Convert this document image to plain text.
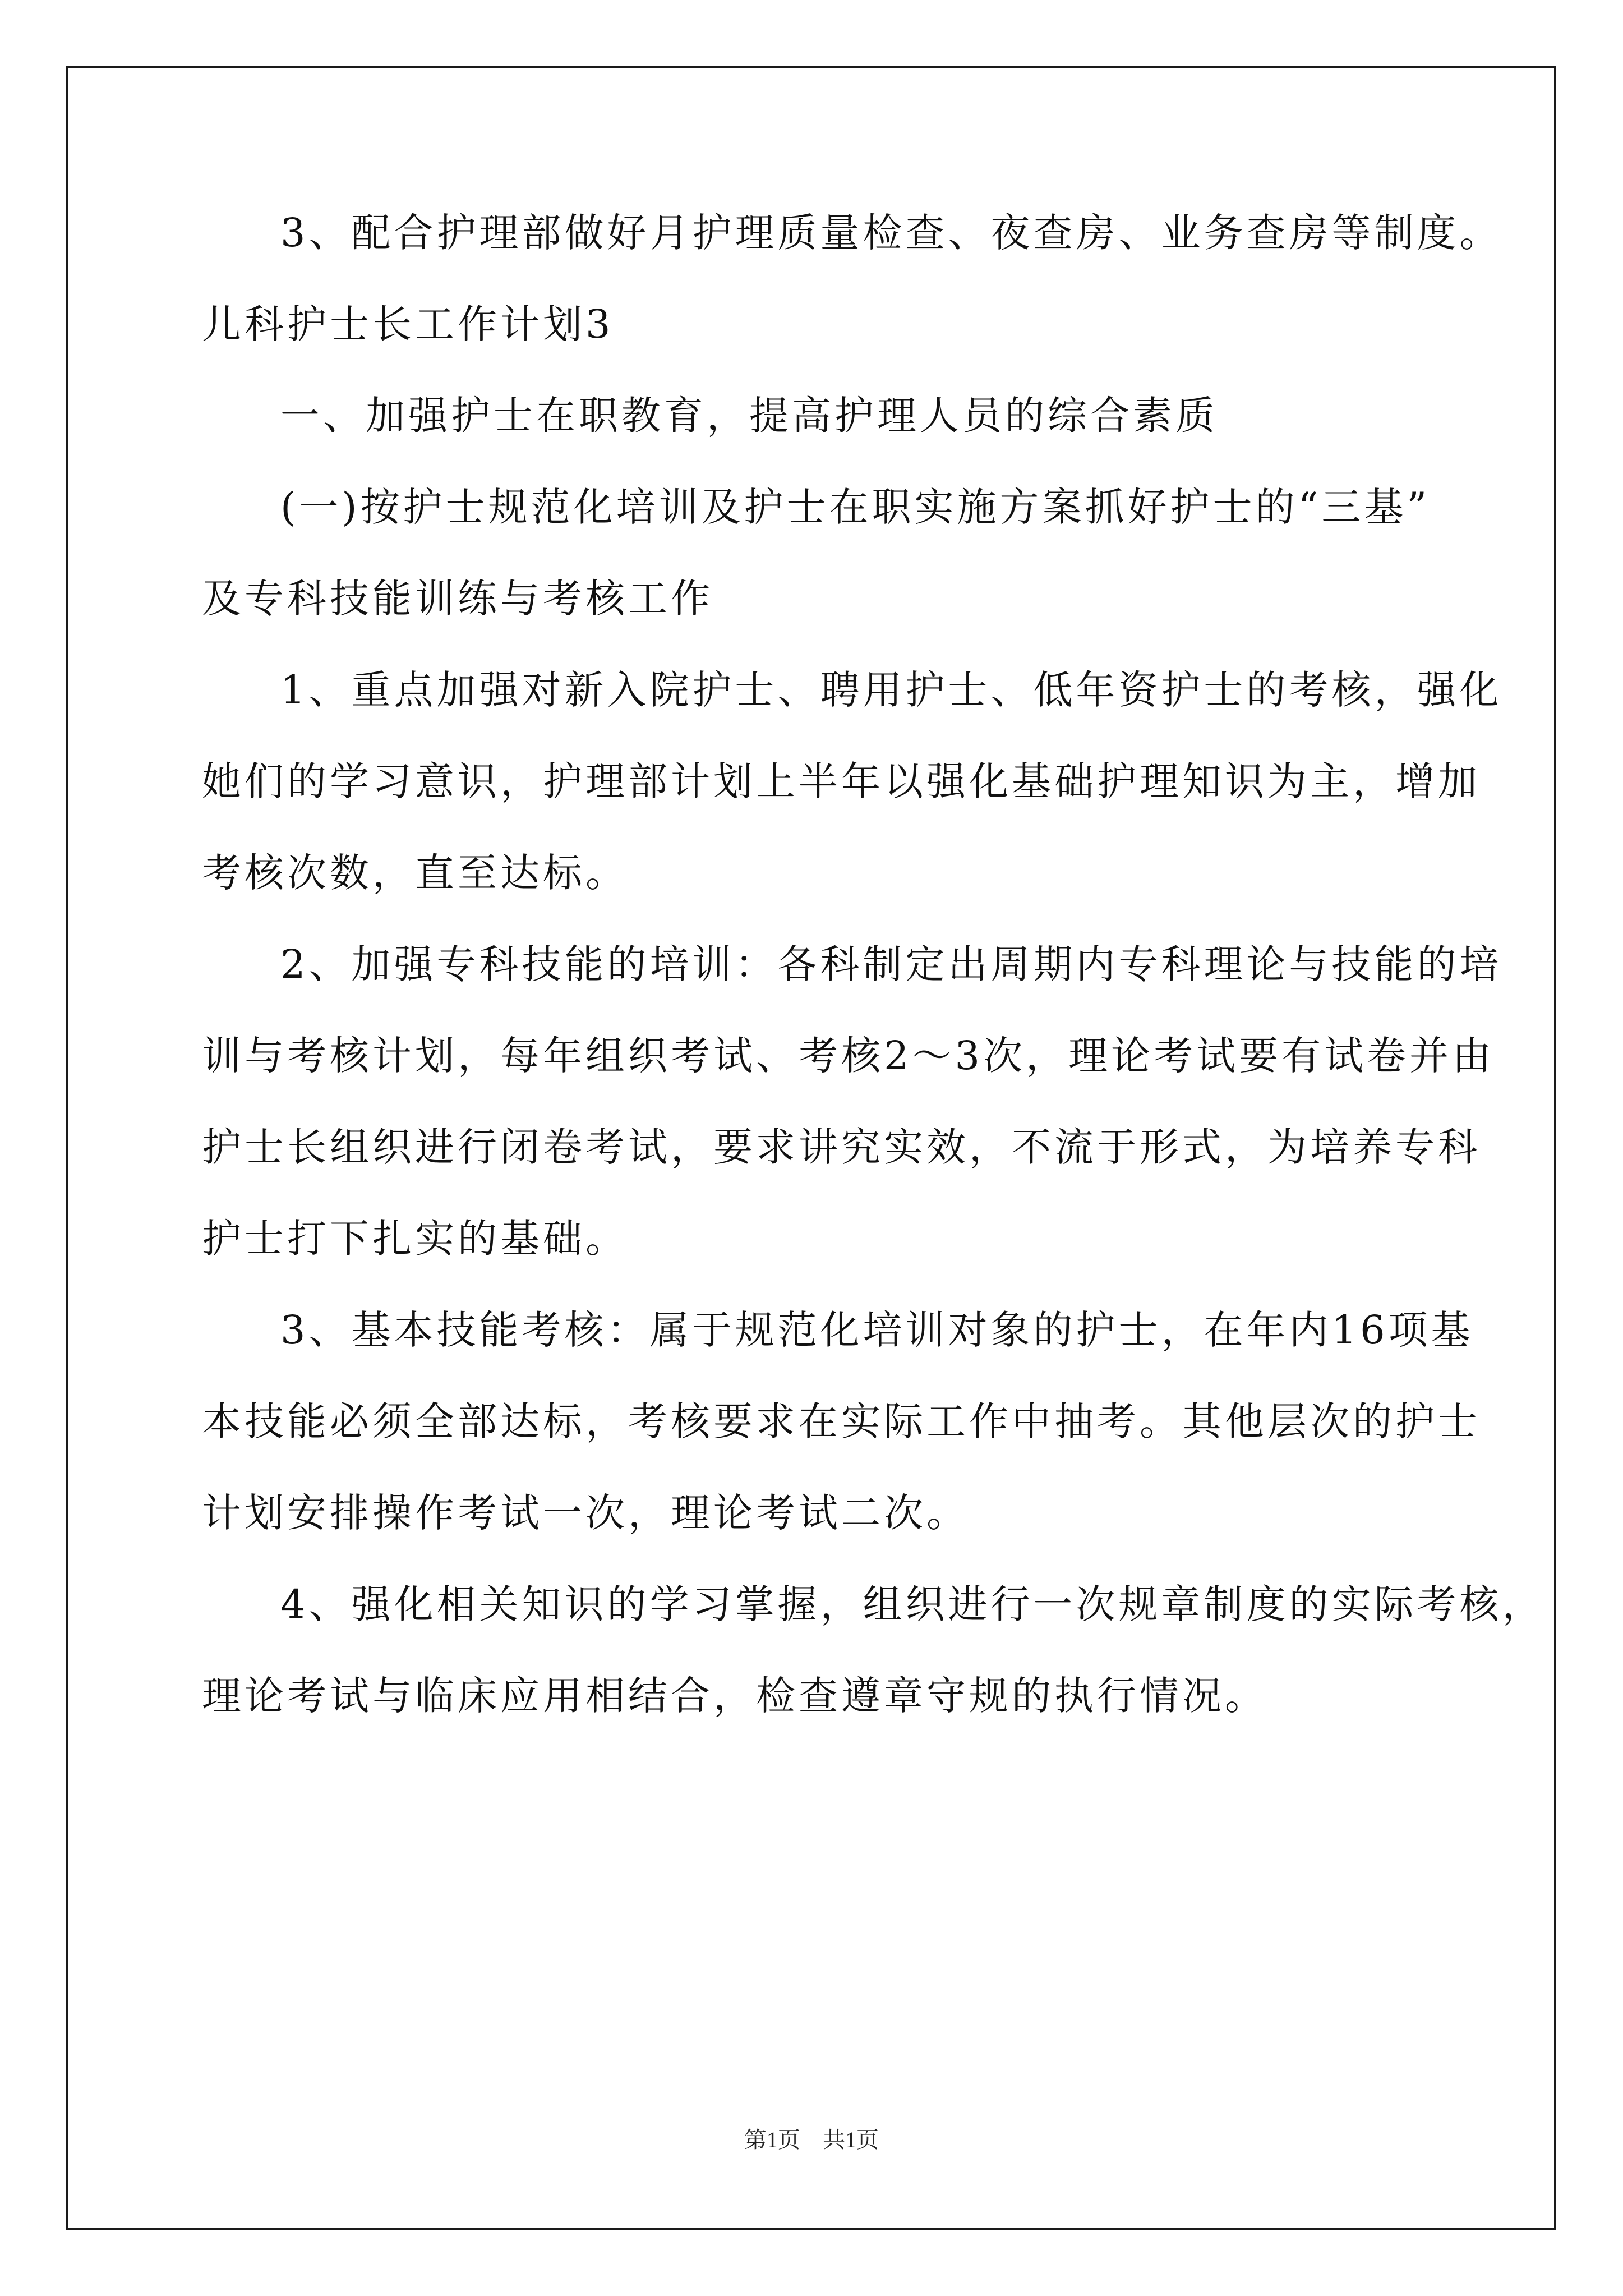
3、配合护理部做好月护理质量检查、夜查房、业务查房等制度。
儿科护士长工作计划3
一、加强护士在职教育，提高护理人员的综合素质
(一)按护士规范化培训及护士在职实施方案抓好护士的“三基”
及专科技能训练与考核工作
1、重点加强对新入院护士、聘用护士、低年资护士的考核，强化
她们的学习意识，护理部计划上半年以强化基础护理知识为主，增加
考核次数，直至达标。
2、加强专科技能的培训：各科制定出周期内专科理论与技能的培
训与考核计划，每年组织考试、考核2～3次，理论考试要有试卷并由
护士长组织进行闭卷考试，要求讲究实效，不流于形式，为培养专科
护士打下扎实的基础。
3、基本技能考核：属于规范化培训对象的护士，在年内16项基
本技能必须全部达标，考核要求在实际工作中抽考。其他层次的护士
计划安排操作考试一次，理论考试二次。
4、强化相关知识的学习掌握，组织进行一次规章制度的实际考核，
理论考试与临床应用相结合，检查遵章守规的执行情况。
第1页　共1页
